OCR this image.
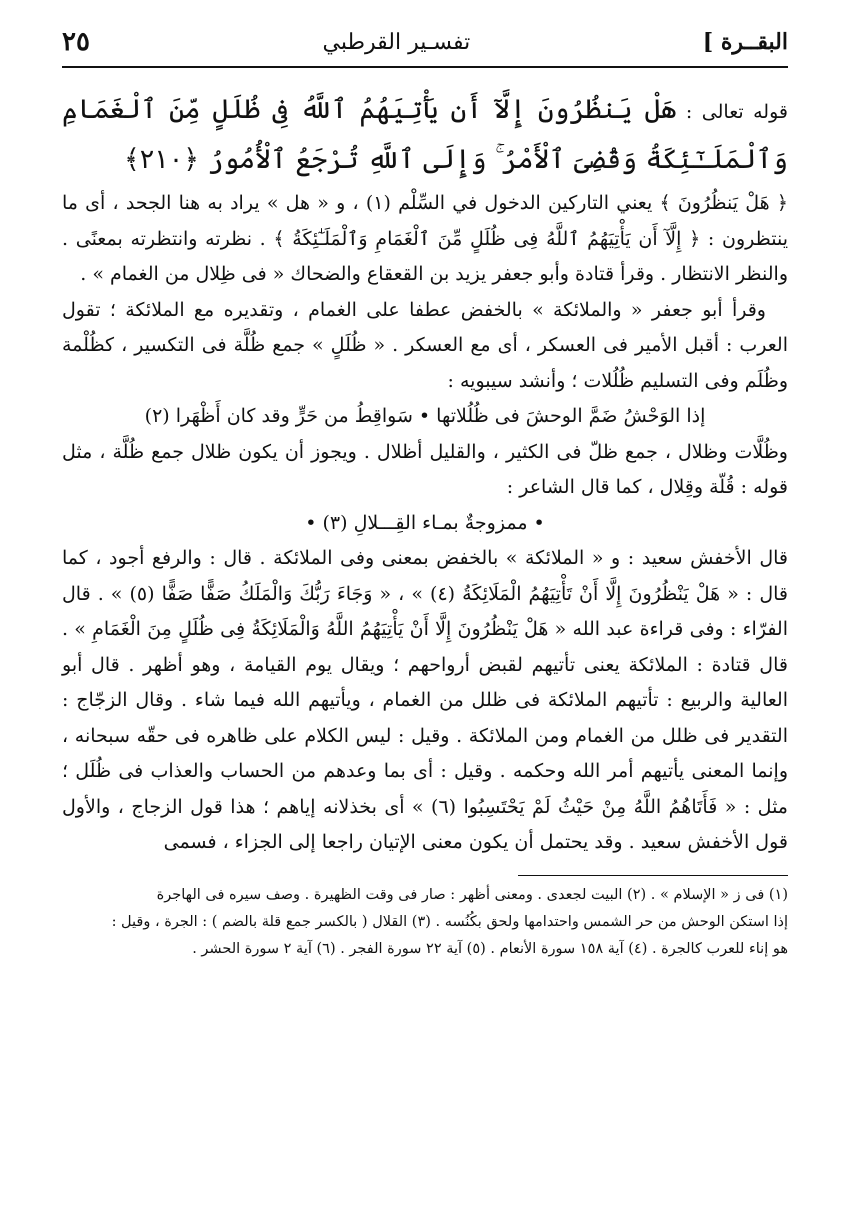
البقــرة ]
تفسـير القرطبي
٢٥

قوله تعالى : هَلْ يَنظُرُونَ إِلَّآ أَن يَأْتِيَهُمُ ٱللَّهُ فِى ظُلَلٍ مِّنَ ٱلْغَمَامِ وَٱلْمَلَـٰٓئِكَةُ وَقُضِىَ ٱلْأَمْرُ ۚ وَإِلَى ٱللَّهِ تُرْجَعُ ٱلْأُمُورُ ﴿٢١٠﴾

﴿ هَلْ يَنظُرُونَ ﴾ يعني التاركين الدخول في السِّلْم (١) ، و « هل » يراد به هنا الجحد ، أى ما ينتظرون : ﴿ إِلَّآ أَن يَأْتِيَهُمُ ٱللَّهُ فِى ظُلَلٍ مِّنَ ٱلْغَمَامِ وَٱلْمَلَـٰٓئِكَةُ ﴾ . نظرته وانتظرته بمعنًى . والنظر الانتظار . وقرأ قتادة وأبو جعفر يزيد بن القعقاع والضحاك « فى ظِلال من الغمام » .

وقرأ أبو جعفر « والملائكة » بالخفض عطفا على الغمام ، وتقديره مع الملائكة ؛ تقول العرب : أقبل الأمير فى العسكر ، أى مع العسكر . « ظُلَلٍ » جمع ظُلَّة فى التكسير ، كظُلْمة وظُلَم وفى التسليم ظُلُلات ؛ وأنشد سيبويه :

إذا الوَحْشُ ضَمَّ الوحشَ فى ظُلُلاتها • سَواقِطُ من حَرٍّ وقد كان أَظْهَرا (٢)

وظُلَّات وظلال ، جمع ظلّ فى الكثير ، والقليل أظلال . ويجوز أن يكون ظلال جمع ظُلَّة ، مثل قوله : قُلّة وقِلال ، كما قال الشاعر :

• ممزوجةٌ بمـاء القِـــلالِ (٣) •

قال الأخفش سعيد : و « الملائكة » بالخفض بمعنى وفى الملائكة . قال : والرفع أجود ، كما قال : « هَلْ يَنْظُرُونَ إِلَّا أَنْ تَأْتِيَهُمُ الْمَلَائِكَةُ (٤) » ، « وَجَاءَ رَبُّكَ وَالْمَلَكُ صَفًّا صَفًّا (٥) » . قال الفرّاء : وفى قراءة عبد الله « هَلْ يَنْظُرُونَ إِلَّا أَنْ يَأْتِيَهُمُ اللَّهُ وَالْمَلَائِكَةُ فِى ظُلَلٍ مِنَ الْغَمَامِ » . قال قتادة : الملائكة يعنى تأتيهم لقبض أرواحهم ؛ ويقال يوم القيامة ، وهو أظهر . قال أبو العالية والربيع : تأتيهم الملائكة فى ظلل من الغمام ، ويأتيهم الله فيما شاء . وقال الزجّاج : التقدير فى ظلل من الغمام ومن الملائكة . وقيل : ليس الكلام على ظاهره فى حقّه سبحانه ، وإنما المعنى يأتيهم أمر الله وحكمه . وقيل : أى بما وعدهم من الحساب والعذاب فى ظُلَل ؛ مثل : « فَأَتَاهُمُ اللَّهُ مِنْ حَيْثُ لَمْ يَحْتَسِبُوا (٦) » أى بخذلانه إياهم ؛ هذا قول الزجاج ، والأول قول الأخفش سعيد . وقد يحتمل أن يكون معنى الإتيان راجعا إلى الجزاء ، فسمى

(١) فى ز « الإسلام » . (٢) البيت لجعدى . ومعنى أظهر : صار فى وقت الظهيرة . وصف سيره فى الهاجرة
إذا استكن الوحش من حر الشمس واحتدامها ولحق بكُنُسه . (٣) القلال ( بالكسر جمع قلة بالضم ) : الجرة ، وقيل :
هو إناء للعرب كالجرة . (٤) آية ١٥٨ سورة الأنعام . (٥) آية ٢٢ سورة الفجر . (٦) آية ٢ سورة الحشر .
